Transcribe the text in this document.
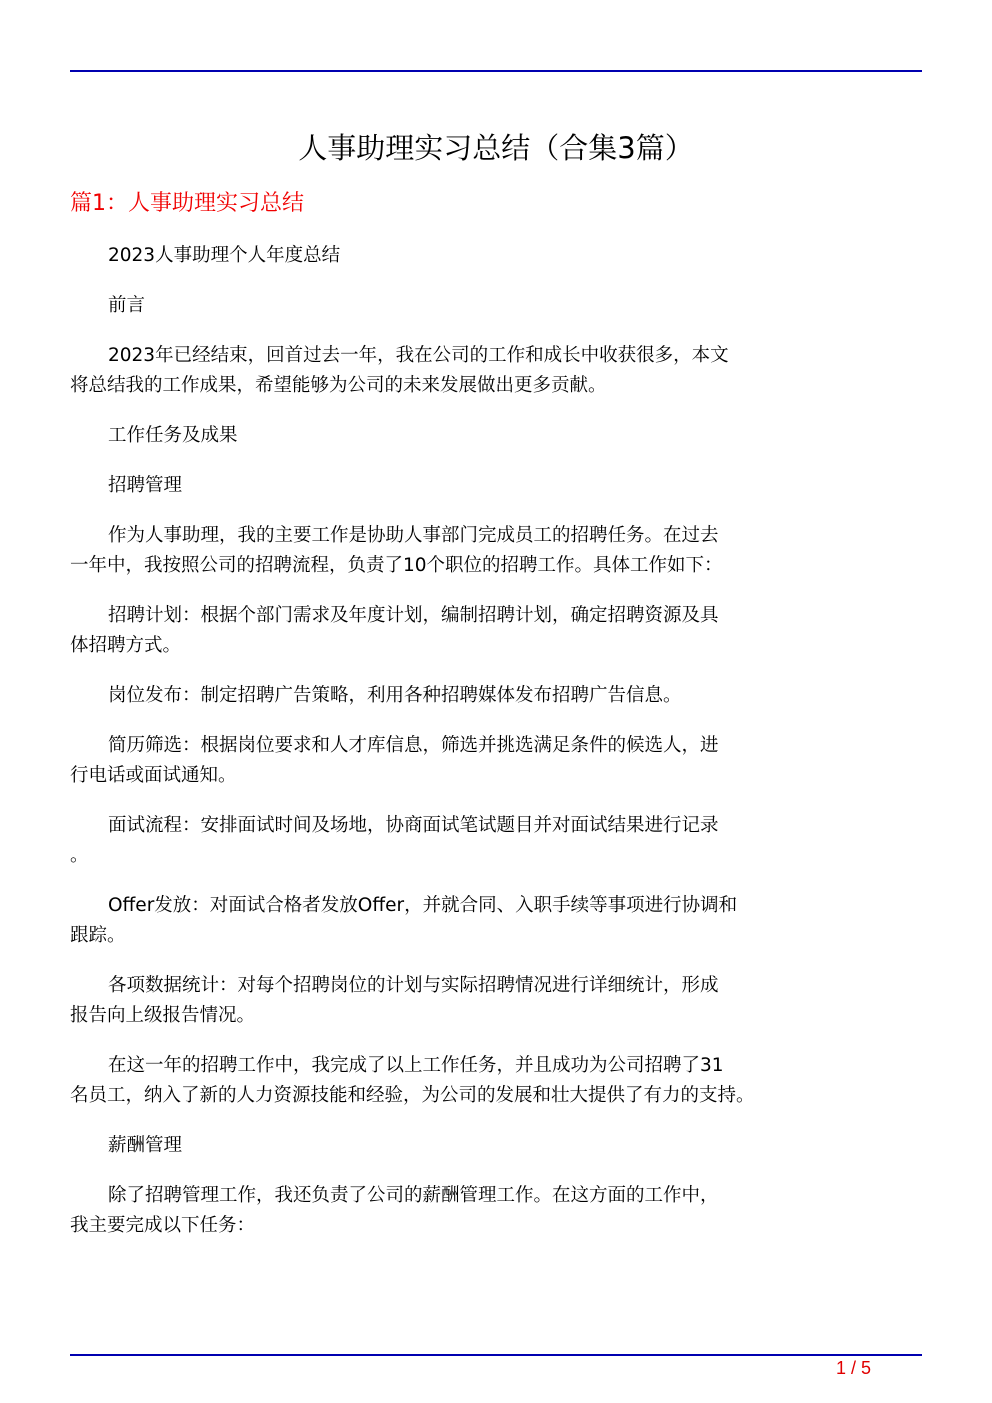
人事助理实习总结（合集3篇）
篇1：人事助理实习总结
2023人事助理个人年度总结
前言
2023年已经结束，回首过去一年，我在公司的工作和成长中收获很多，本文
将总结我的工作成果，希望能够为公司的未来发展做出更多贡献。
工作任务及成果
招聘管理
作为人事助理，我的主要工作是协助人事部门完成员工的招聘任务。在过去
一年中，我按照公司的招聘流程，负责了10个职位的招聘工作。具体工作如下：
招聘计划：根据个部门需求及年度计划，编制招聘计划，确定招聘资源及具
体招聘方式。
岗位发布：制定招聘广告策略，利用各种招聘媒体发布招聘广告信息。
简历筛选：根据岗位要求和人才库信息，筛选并挑选满足条件的候选人，进
行电话或面试通知。
面试流程：安排面试时间及场地，协商面试笔试题目并对面试结果进行记录
。
Offer发放：对面试合格者发放Offer，并就合同、入职手续等事项进行协调和
跟踪。
各项数据统计：对每个招聘岗位的计划与实际招聘情况进行详细统计，形成
报告向上级报告情况。
在这一年的招聘工作中，我完成了以上工作任务，并且成功为公司招聘了31
名员工，纳入了新的人力资源技能和经验，为公司的发展和壮大提供了有力的支持。
薪酬管理
除了招聘管理工作，我还负责了公司的薪酬管理工作。在这方面的工作中，
我主要完成以下任务：
1 / 5
